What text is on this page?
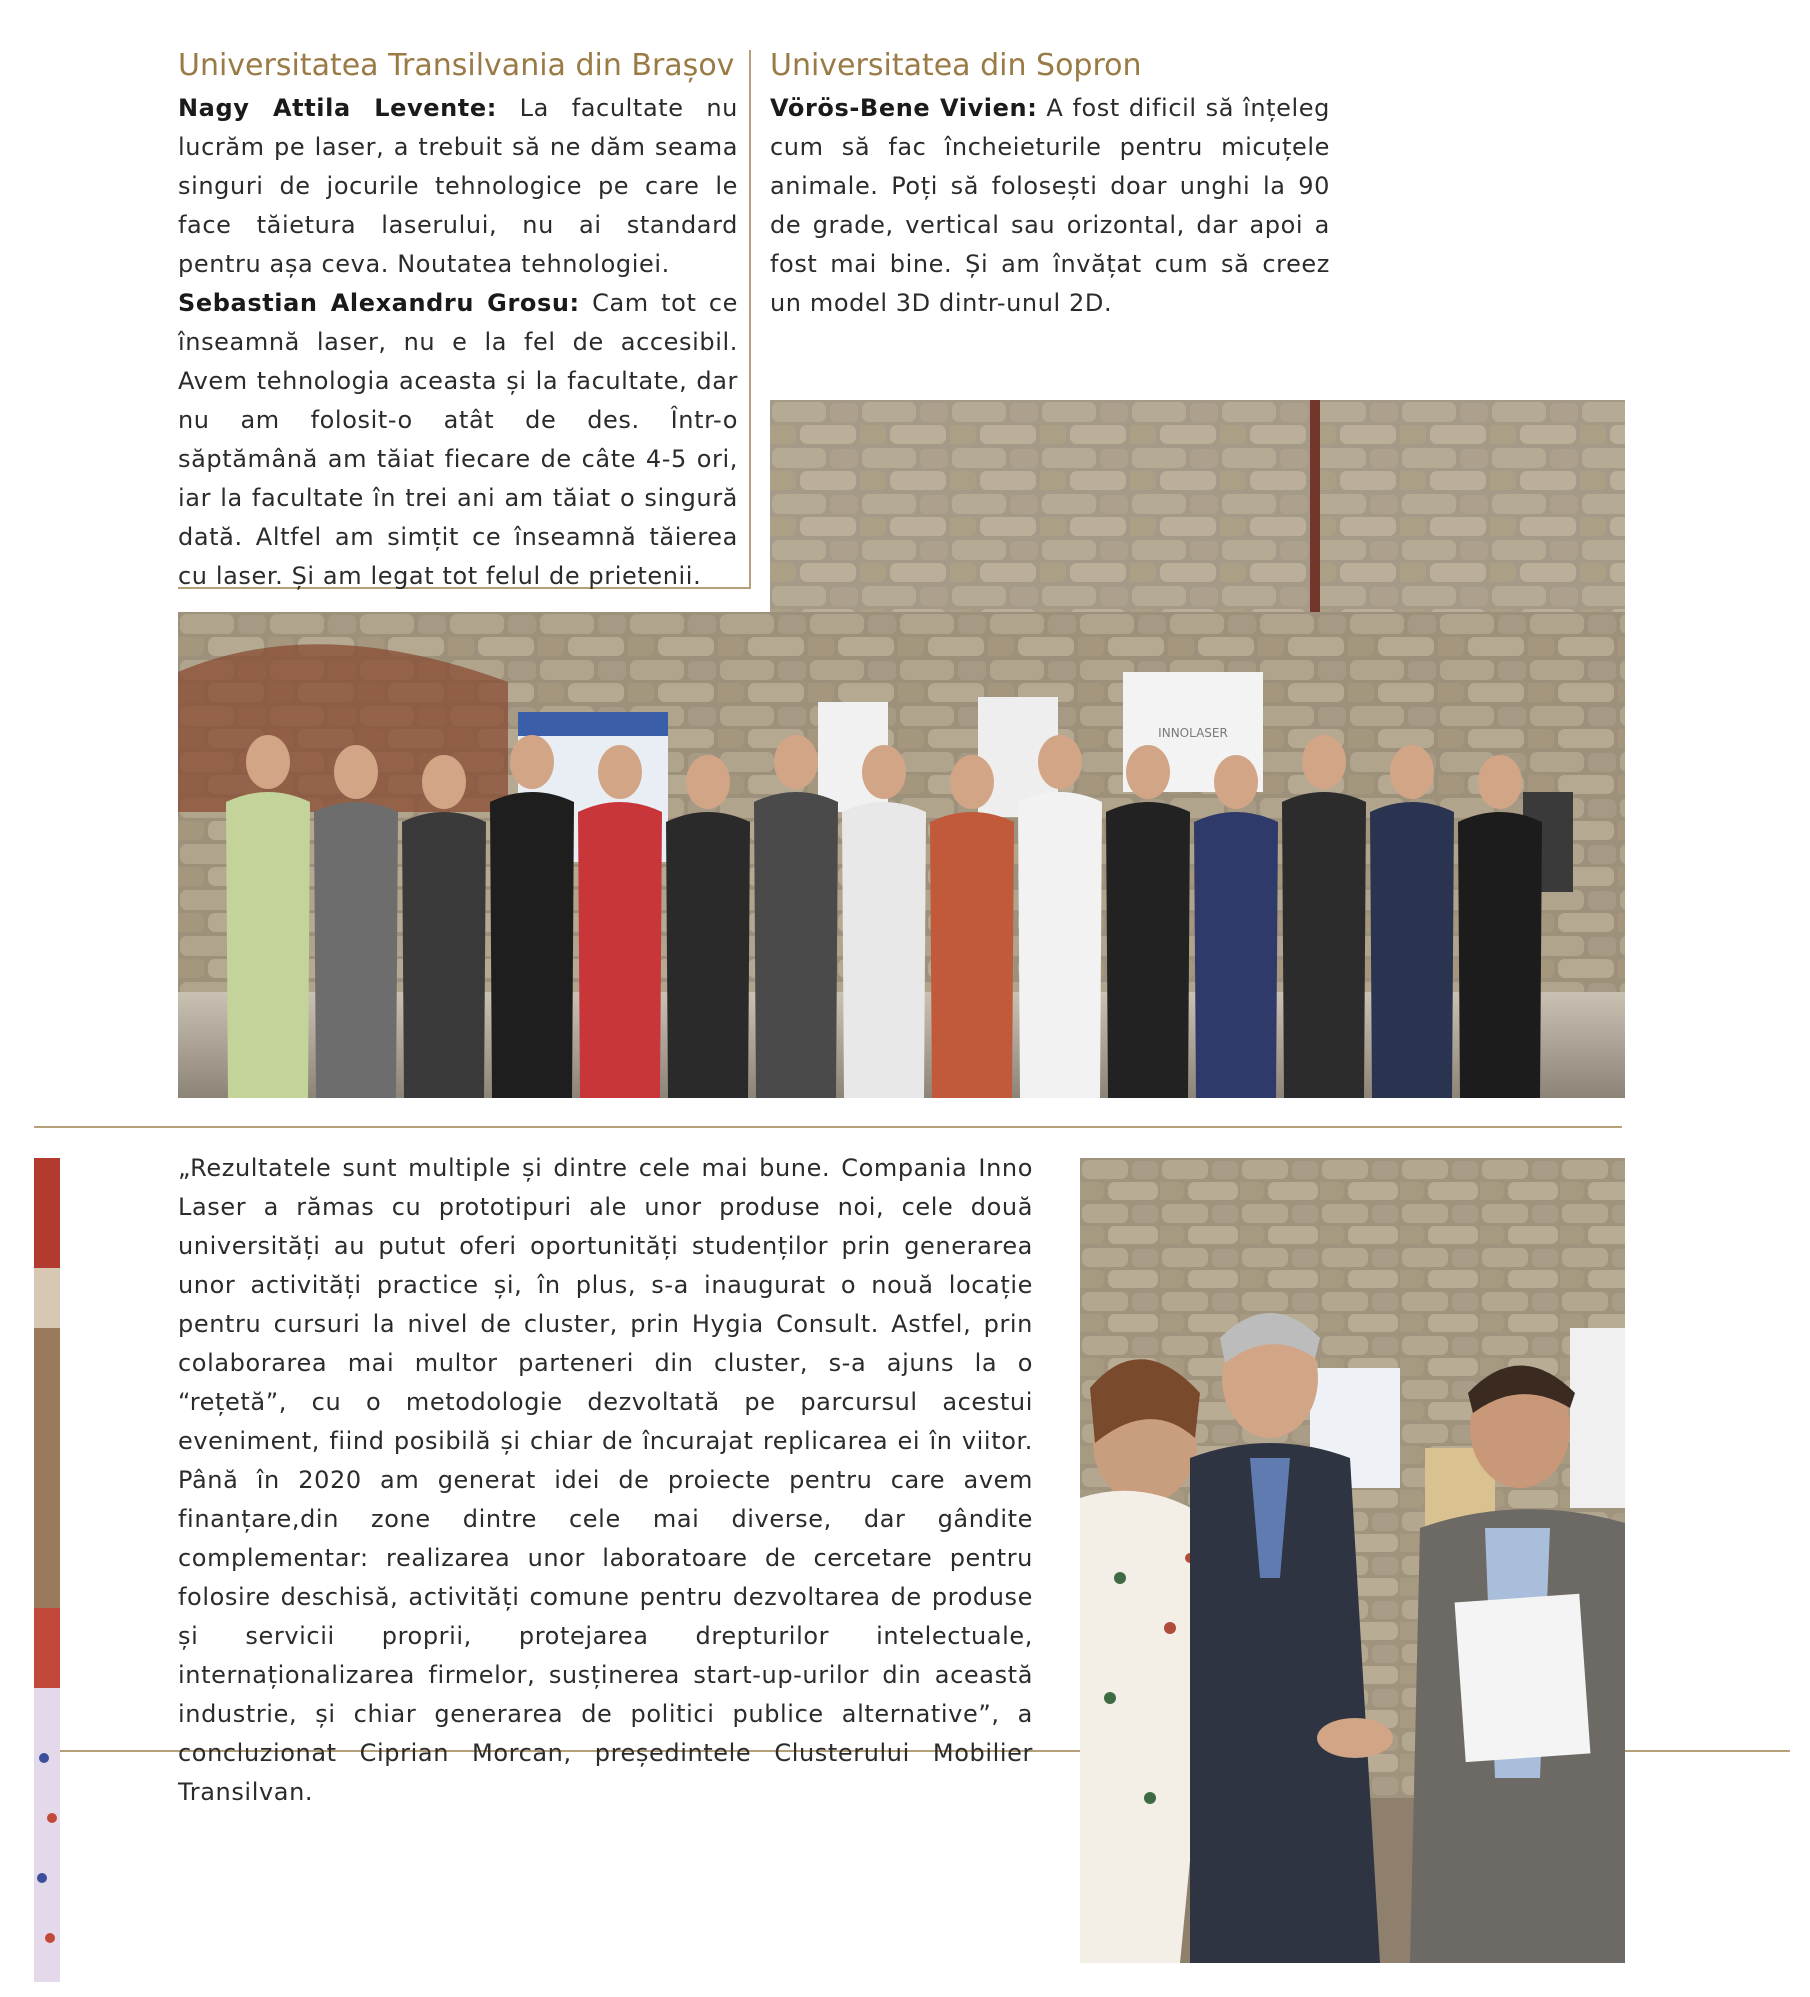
Universitatea Transilvania din Brașov

Nagy Attila Levente: La facultate nu lucrăm pe laser, a trebuit să ne dăm seama singuri de jocurile tehnologice pe care le face tăietura laserului, nu ai standard pentru așa ceva. Noutatea tehnologiei.

Sebastian Alexandru Grosu: Cam tot ce înseamnă laser, nu e la fel de accesibil. Avem tehnologia aceasta și la facultate, dar nu am folosit-o atât de des. Într-o săptămână am tăiat fiecare de câte 4-5 ori, iar la facultate în trei ani am tăiat o singură dată. Altfel am simțit ce înseamnă tăierea cu laser. Și am legat tot felul de prietenii.

Universitatea din Sopron

Vörös-Bene Vivien: A fost dificil să înțeleg cum să fac încheieturile pentru micuțele animale. Poți să folosești doar unghi la 90 de grade, vertical sau orizontal, dar apoi a fost mai bine. Și am învățat cum să creez un model 3D dintr-unul 2D.

INNOLASER
„Rezultatele sunt multiple și dintre cele mai bune. Compania Inno Laser a rămas cu prototipuri ale unor produse noi, cele două universități au putut oferi oportunități studenților prin generarea unor activități practice și, în plus, s-a inaugurat o nouă locație pentru cursuri la nivel de cluster, prin Hygia Consult. Astfel, prin colaborarea mai multor parteneri din cluster, s-a ajuns la o “rețetă”, cu o metodologie dezvoltată pe parcursul acestui eveniment, fiind posibilă și chiar de încurajat replicarea ei în viitor. Până în 2020 am generat idei de proiecte pentru care avem finanțare,din zone dintre cele mai diverse, dar gândite complementar: realizarea unor laboratoare de cercetare pentru folosire deschisă, activități comune pentru dezvoltarea de produse și servicii proprii, protejarea drepturilor intelectuale, internaționalizarea firmelor, susținerea start-up-urilor din această industrie, și chiar generarea de politici publice alternative”, a concluzionat Ciprian Morcan, președintele Clusterului Mobilier Transilvan.
